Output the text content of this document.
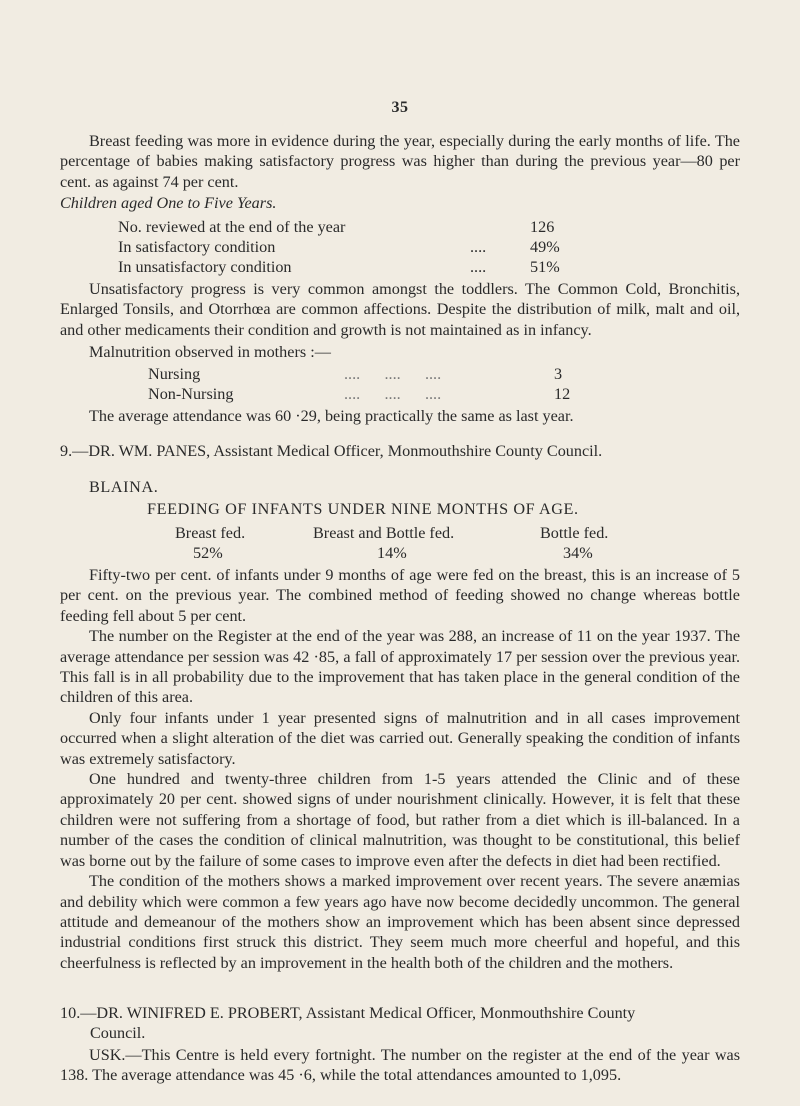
35

Breast feeding was more in evidence during the year, especially during the early months of life. The percentage of babies making satisfactory progress was higher than during the previous year—80 per cent. as against 74 per cent.

Children aged One to Five Years.
No. reviewed at the end of the year	126
In satisfactory condition	....	49%
In unsatisfactory condition	....	51%

Unsatisfactory progress is very common amongst the toddlers. The Common Cold, Bronchitis, Enlarged Tonsils, and Otorrhœa are common affections. Despite the distribution of milk, malt and oil, and other medicaments their condition and growth is not maintained as in infancy.

Malnutrition observed in mothers :—
Nursing	....      ....      ....	3
Non-Nursing	....      ....      ....	12
The average attendance was 60 ·29, being practically the same as last year.
9.—DR. WM. PANES, Assistant Medical Officer, Monmouthshire County Council.
BLAINA.
FEEDING OF INFANTS UNDER NINE MONTHS OF AGE.
Breast fed.	Breast and Bottle fed.	Bottle fed.
52%	14%	34%

Fifty-two per cent. of infants under 9 months of age were fed on the breast, this is an increase of 5 per cent. on the previous year. The combined method of feeding showed no change whereas bottle feeding fell about 5 per cent.

The number on the Register at the end of the year was 288, an increase of 11 on the year 1937. The average attendance per session was 42 ·85, a fall of approximately 17 per session over the previous year. This fall is in all probability due to the improvement that has taken place in the general condition of the children of this area.

Only four infants under 1 year presented signs of malnutrition and in all cases improvement occurred when a slight alteration of the diet was carried out. Generally speaking the condition of infants was extremely satisfactory.

One hundred and twenty-three children from 1-5 years attended the Clinic and of these approximately 20 per cent. showed signs of under nourishment clinically. However, it is felt that these children were not suffering from a shortage of food, but rather from a diet which is ill-balanced. In a number of the cases the condition of clinical malnutrition, was thought to be constitutional, this belief was borne out by the failure of some cases to improve even after the defects in diet had been rectified.

The condition of the mothers shows a marked improvement over recent years. The severe anæmias and debility which were common a few years ago have now become decidedly uncommon. The general attitude and demeanour of the mothers show an improvement which has been absent since depressed industrial conditions first struck this district. They seem much more cheerful and hopeful, and this cheerfulness is reflected by an improvement in the health both of the children and the mothers.

10.—DR. WINIFRED E. PROBERT, Assistant Medical Officer, Monmouthshire County
Council.

USK.—This Centre is held every fortnight. The number on the register at the end of the year was 138. The average attendance was 45 ·6, while the total attendances amounted to 1,095.
